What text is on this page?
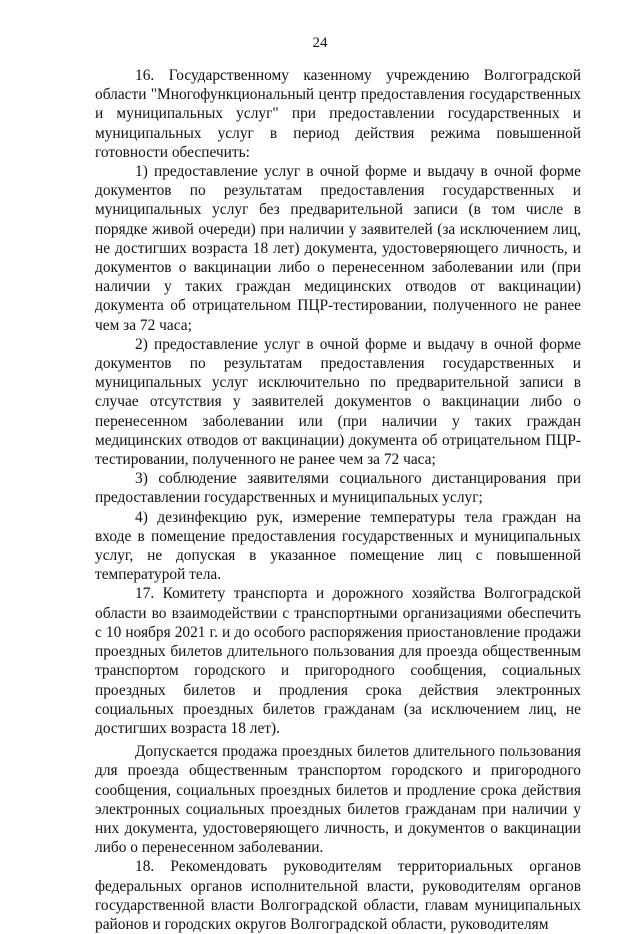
24

16. Государственному казенному учреждению Волгоградской области "Многофункциональный центр предоставления государственных и муниципальных услуг" при предоставлении государственных и муниципальных услуг в период действия режима повышенной готовности обеспечить:

1) предоставление услуг в очной форме и выдачу в очной форме документов по результатам предоставления государственных и муниципальных услуг без предварительной записи (в том числе в порядке живой очереди) при наличии у заявителей (за исключением лиц, не достигших возраста 18 лет) документа, удостоверяющего личность, и документов о вакцинации либо о перенесенном заболевании или (при наличии у таких граждан медицинских отводов от вакцинации) документа об отрицательном ПЦР-тестировании, полученного не ранее чем за 72 часа;

2) предоставление услуг в очной форме и выдачу в очной форме документов по результатам предоставления государственных и муниципальных услуг исключительно по предварительной записи в случае отсутствия у заявителей документов о вакцинации либо о перенесенном заболевании или (при наличии у таких граждан медицинских отводов от вакцинации) документа об отрицательном ПЦР-тестировании, полученного не ранее чем за 72 часа;

3) соблюдение заявителями социального дистанцирования при предоставлении государственных и муниципальных услуг;

4) дезинфекцию рук, измерение температуры тела граждан на входе в помещение предоставления государственных и муниципальных услуг, не допуская в указанное помещение лиц с повышенной температурой тела.

17. Комитету транспорта и дорожного хозяйства Волгоградской области во взаимодействии с транспортными организациями обеспечить с 10 ноября 2021 г. и до особого распоряжения приостановление продажи проездных билетов длительного пользования для проезда общественным транспортом городского и пригородного сообщения, социальных проездных билетов и продления срока действия электронных социальных проездных билетов гражданам (за исключением лиц, не достигших возраста 18 лет).

Допускается продажа проездных билетов длительного пользования для проезда общественным транспортом городского и пригородного сообщения, социальных проездных билетов и продление срока действия электронных социальных проездных билетов гражданам при наличии у них документа, удостоверяющего личность, и документов о вакцинации либо о перенесенном заболевании.

18. Рекомендовать руководителям территориальных органов федеральных органов исполнительной власти, руководителям органов государственной власти Волгоградской области, главам муниципальных районов и городских округов Волгоградской области, руководителям
